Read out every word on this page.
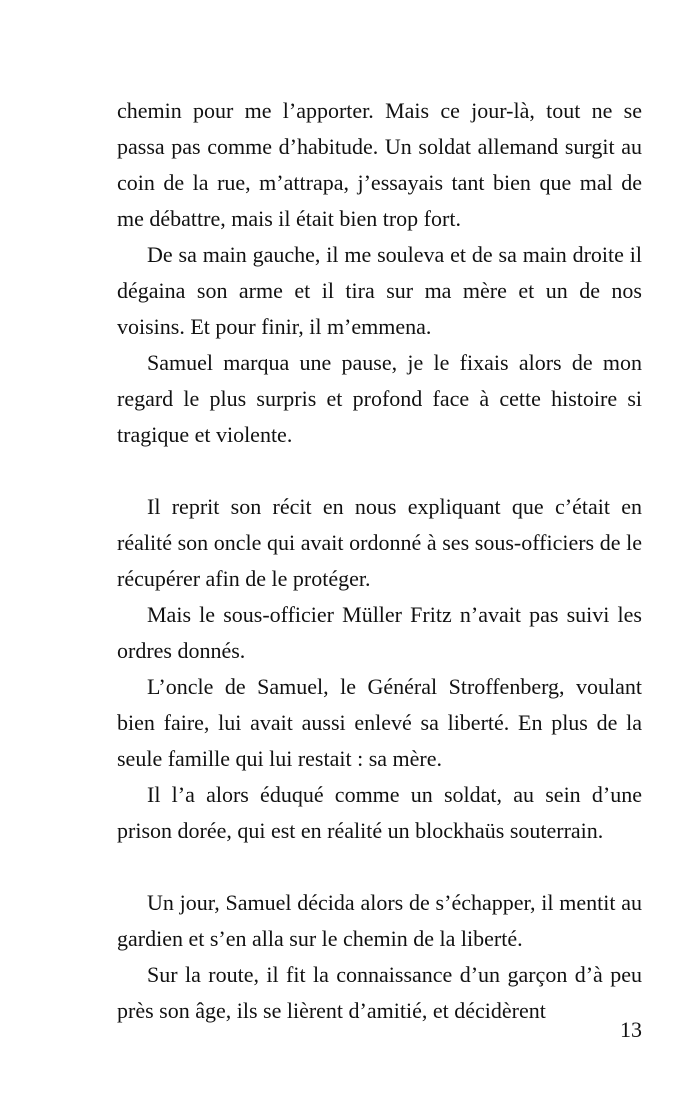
chemin pour me l’apporter. Mais ce jour-là, tout ne se passa pas comme d’habitude. Un soldat allemand surgit au coin de la rue, m’attrapa, j’essayais tant bien que mal de me débattre, mais il était bien trop fort.

De sa main gauche, il me souleva et de sa main droite il dégaina son arme et il tira sur ma mère et un de nos voisins. Et pour finir, il m’emmena.

Samuel marqua une pause, je le fixais alors de mon regard le plus surpris et profond face à cette histoire si tragique et violente.

Il reprit son récit en nous expliquant que c’était en réalité son oncle qui avait ordonné à ses sous-officiers de le récupérer afin de le protéger.

Mais le sous-officier Müller Fritz n’avait pas suivi les ordres donnés.

L’oncle de Samuel, le Général Stroffenberg, voulant bien faire, lui avait aussi enlevé sa liberté. En plus de la seule famille qui lui restait : sa mère.

Il l’a alors éduqué comme un soldat, au sein d’une prison dorée, qui est en réalité un blockhaüs souterrain.

Un jour, Samuel décida alors de s’échapper, il mentit au gardien et s’en alla sur le chemin de la liberté.

Sur la route, il fit la connaissance d’un garçon d’à peu près son âge, ils se lièrent d’amitié, et décidèrent

13
